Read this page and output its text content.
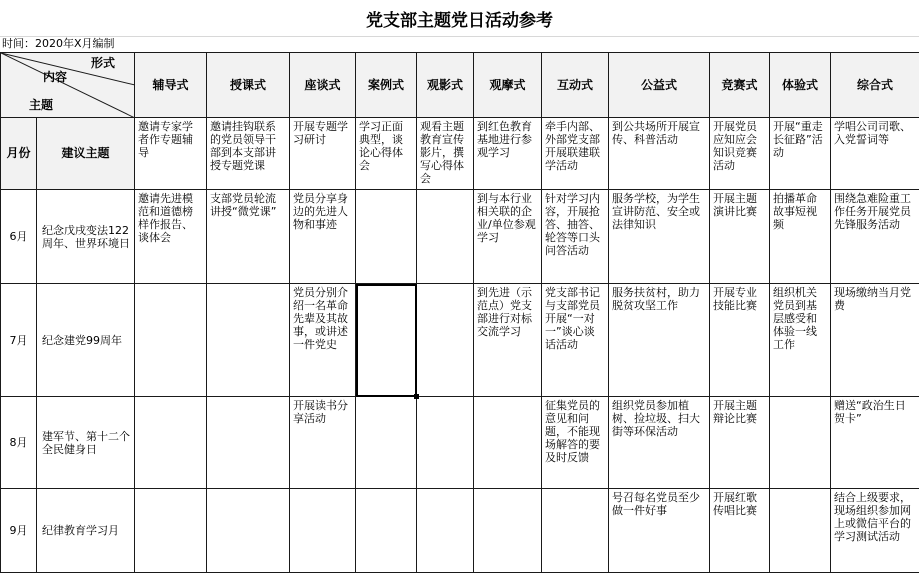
党支部主题党日活动参考
时间：2020年X月编制
形式
内容
主题		辅导式	授课式	座谈式	案例式	观影式	观摩式	互动式	公益式	竞赛式	体验式	综合式
月份	建议主题	邀请专家学者作专题辅导	邀请挂钩联系的党员领导干部到本支部讲授专题党课	开展专题学习研讨	学习正面典型，谈论心得体会	观看主题教育宣传影片，撰写心得体会	到红色教育基地进行参观学习	牵手内部、外部党支部开展联建联学活动	到公共场所开展宣传、科普活动	开展党员应知应会知识竞赛活动	开展“重走长征路”活动	学唱公司司歌、入党誓词等
6月	纪念戊戌变法122周年、世界环境日	邀请先进模范和道德榜样作报告、谈体会	支部党员轮流讲授“微党课”	党员分享身边的先进人物和事迹			到与本行业相关联的企业/单位参观学习	针对学习内容，开展抢答、抽答、轮答等口头问答活动	服务学校，为学生宣讲防范、安全或法律知识	开展主题演讲比赛	拍播革命故事短视频	围绕急难险重工作任务开展党员先锋服务活动
7月	纪念建党99周年			党员分别介绍一名革命先辈及其故事，或讲述一件党史			到先进（示范点）党支部进行对标交流学习	党支部书记与支部党员开展“一对一”谈心谈话活动	服务扶贫村，助力脱贫攻坚工作	开展专业技能比赛	组织机关党员到基层感受和体验一线工作	现场缴纳当月党费
8月	建军节、第十二个全民健身日			开展读书分享活动				征集党员的意见和问题，不能现场解答的要及时反馈	组织党员参加植树、捡垃圾、扫大街等环保活动	开展主题辩论比赛		赠送“政治生日贺卡”
9月	纪律教育学习月								号召每名党员至少做一件好事	开展红歌传唱比赛		结合上级要求，现场组织参加网上或微信平台的学习测试活动
